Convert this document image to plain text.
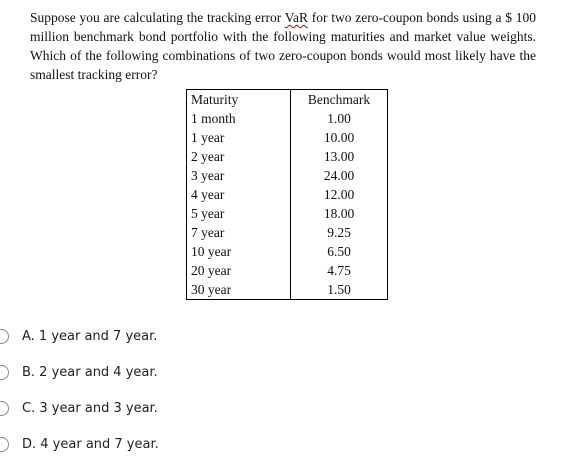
Suppose you are calculating the tracking error VaR for two zero-coupon bonds using a $ 100 million benchmark bond portfolio with the following maturities and market value weights. Which of the following combinations of two zero-coupon bonds would most likely have the smallest tracking error?

Maturity	Benchmark
1 month	1.00
1 year	10.00
2 year	13.00
3 year	24.00
4 year	12.00
5 year	18.00
7 year	9.25
10 year	6.50
20 year	4.75
30 year	1.50
A. 1 year and 7 year.
B. 2 year and 4 year.
C. 3 year and 3 year.
D. 4 year and 7 year.
